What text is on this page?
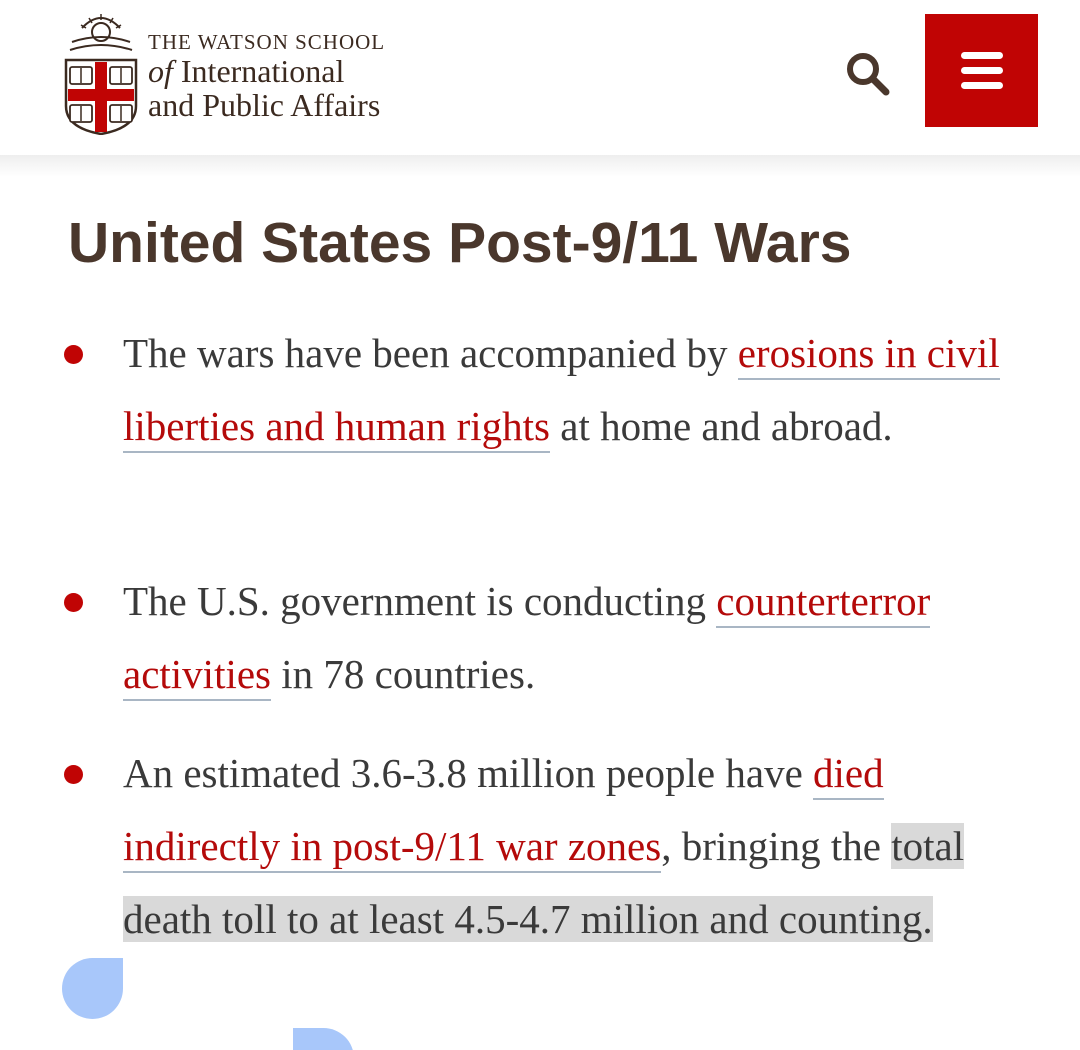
THE WATSON SCHOOL
of International
and Public Affairs
United States Post-9/11 Wars

The wars have been accompanied by erosions in civil liberties and human rights at home and abroad.

The U.S. government is conducting counterterror activities in 78 countries.

An estimated 3.6-3.8 million people have died indirectly in post-9/11 war zones, bringing the total death toll to at least 4.5-4.7 million and counting.
